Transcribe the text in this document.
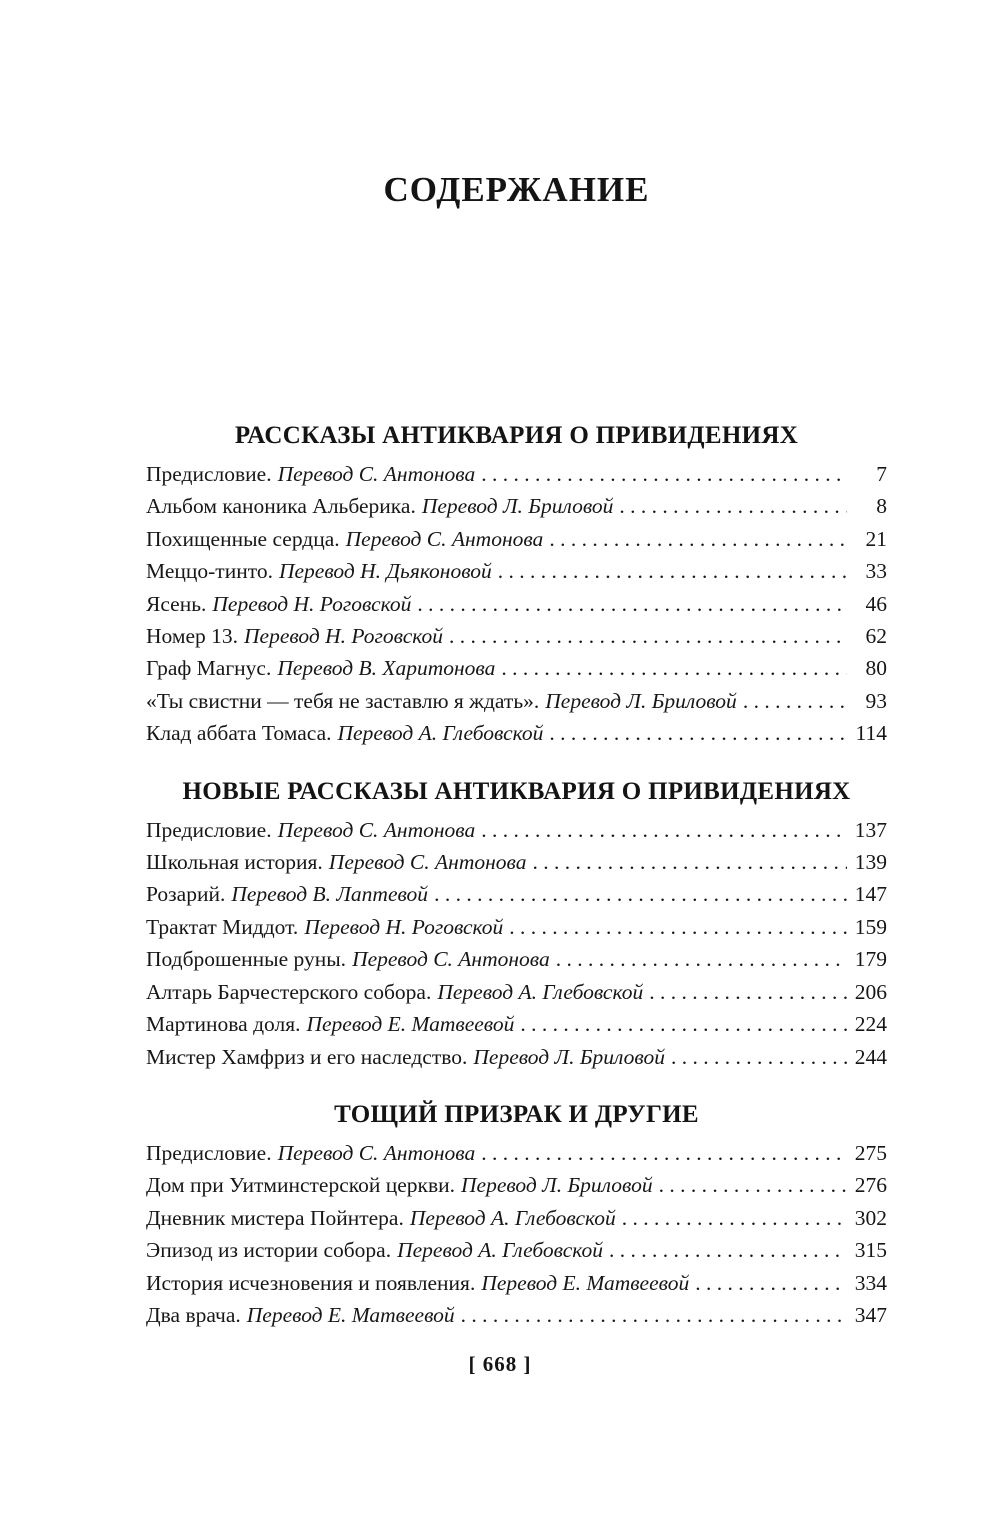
СОДЕРЖАНИЕ
РАССКАЗЫ АНТИКВАРИЯ О ПРИВИДЕНИЯХ
Предисловие. Перевод С. Антонова . . .	7
Альбом каноника Альберика. Перевод Л. Бриловой . . .	8
Похищенные сердца. Перевод С. Антонова . . .	21
Меццо-тинто. Перевод Н. Дьяконовой . . .	33
Ясень. Перевод Н. Роговской . . .	46
Номер 13. Перевод Н. Роговской . . .	62
Граф Магнус. Перевод В. Харитонова . . .	80
«Ты свистни — тебя не заставлю я ждать». Перевод Л. Бриловой . . .	93
Клад аббата Томаса. Перевод А. Глебовской . . .	114
НОВЫЕ РАССКАЗЫ АНТИКВАРИЯ О ПРИВИДЕНИЯХ
Предисловие. Перевод С. Антонова . . .	137
Школьная история. Перевод С. Антонова . . .	139
Розарий. Перевод В. Лаптевой . . .	147
Трактат Миддот. Перевод Н. Роговской . . .	159
Подброшенные руны. Перевод С. Антонова . . .	179
Алтарь Барчестерского собора. Перевод А. Глебовской . . .	206
Мартинова доля. Перевод Е. Матвеевой . . .	224
Мистер Хамфриз и его наследство. Перевод Л. Бриловой . . .	244
ТОЩИЙ ПРИЗРАК И ДРУГИЕ
Предисловие. Перевод С. Антонова . . .	275
Дом при Уитминстерской церкви. Перевод Л. Бриловой . . .	276
Дневник мистера Пойнтера. Перевод А. Глебовской . . .	302
Эпизод из истории собора. Перевод А. Глебовской . . .	315
История исчезновения и появления. Перевод Е. Матвеевой . . .	334
Два врача. Перевод Е. Матвеевой . . .	347
[ 668 ]
